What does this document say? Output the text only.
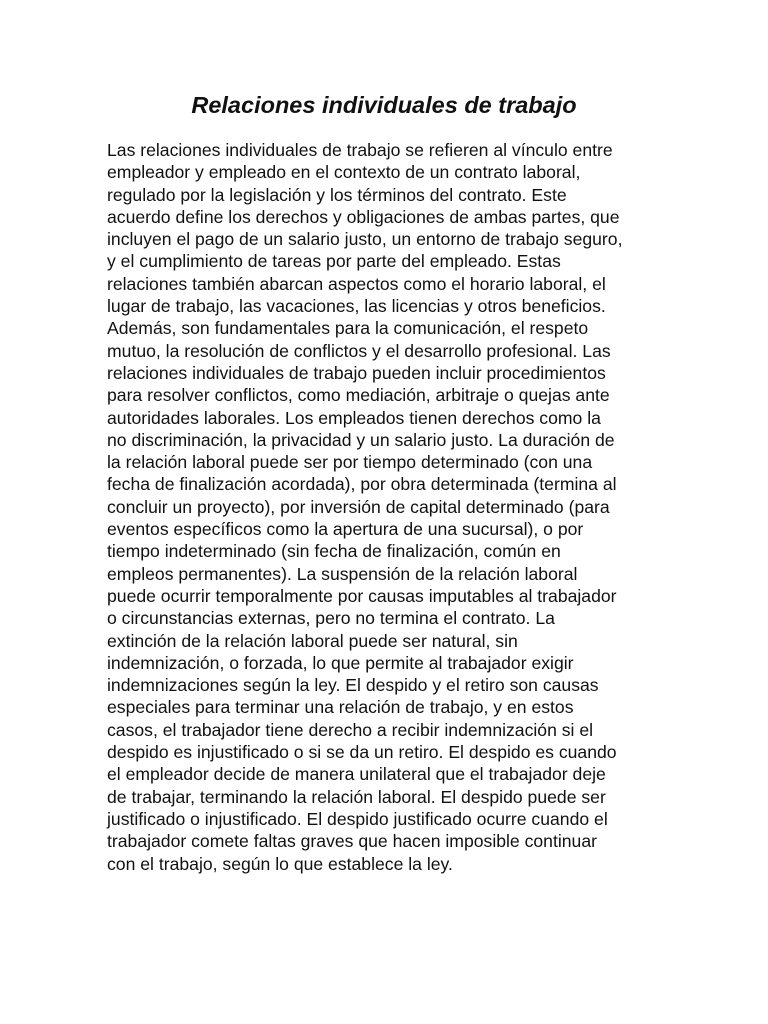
Relaciones individuales de trabajo
Las relaciones individuales de trabajo se refieren al vínculo entre
empleador y empleado en el contexto de un contrato laboral,
regulado por la legislación y los términos del contrato. Este
acuerdo define los derechos y obligaciones de ambas partes, que
incluyen el pago de un salario justo, un entorno de trabajo seguro,
y el cumplimiento de tareas por parte del empleado. Estas
relaciones también abarcan aspectos como el horario laboral, el
lugar de trabajo, las vacaciones, las licencias y otros beneficios.
Además, son fundamentales para la comunicación, el respeto
mutuo, la resolución de conflictos y el desarrollo profesional. Las
relaciones individuales de trabajo pueden incluir procedimientos
para resolver conflictos, como mediación, arbitraje o quejas ante
autoridades laborales. Los empleados tienen derechos como la
no discriminación, la privacidad y un salario justo. La duración de
la relación laboral puede ser por tiempo determinado (con una
fecha de finalización acordada), por obra determinada (termina al
concluir un proyecto), por inversión de capital determinado (para
eventos específicos como la apertura de una sucursal), o por
tiempo indeterminado (sin fecha de finalización, común en
empleos permanentes). La suspensión de la relación laboral
puede ocurrir temporalmente por causas imputables al trabajador
o circunstancias externas, pero no termina el contrato. La
extinción de la relación laboral puede ser natural, sin
indemnización, o forzada, lo que permite al trabajador exigir
indemnizaciones según la ley. El despido y el retiro son causas
especiales para terminar una relación de trabajo, y en estos
casos, el trabajador tiene derecho a recibir indemnización si el
despido es injustificado o si se da un retiro. El despido es cuando
el empleador decide de manera unilateral que el trabajador deje
de trabajar, terminando la relación laboral. El despido puede ser
justificado o injustificado. El despido justificado ocurre cuando el
trabajador comete faltas graves que hacen imposible continuar
con el trabajo, según lo que establece la ley.
